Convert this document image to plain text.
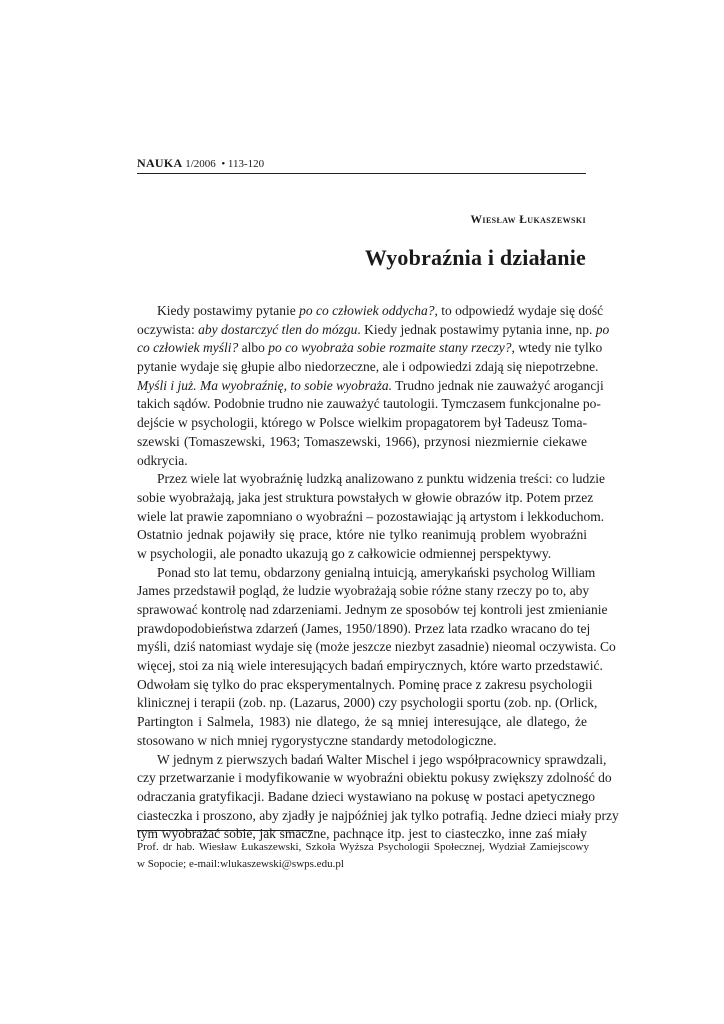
NAUKA 1/2006 • 113-120
Wiesław Łukaszewski
Wyobraźnia i działanie
Kiedy postawimy pytanie po co człowiek oddycha?, to odpowiedź wydaje się dość
oczywista: aby dostarczyć tlen do mózgu. Kiedy jednak postawimy pytania inne, np. po
co człowiek myśli? albo po co wyobraża sobie rozmaite stany rzeczy?, wtedy nie tylko
pytanie wydaje się głupie albo niedorzeczne, ale i odpowiedzi zdają się niepotrzebne.
Myśli i już. Ma wyobraźnię, to sobie wyobraża. Trudno jednak nie zauważyć arogancji
takich sądów. Podobnie trudno nie zauważyć tautologii. Tymczasem funkcjonalne po-
dejście w psychologii, którego w Polsce wielkim propagatorem był Tadeusz Toma-
szewski (Tomaszewski, 1963; Tomaszewski, 1966), przynosi niezmiernie ciekawe
odkrycia.
Przez wiele lat wyobraźnię ludzką analizowano z punktu widzenia treści: co ludzie
sobie wyobrażają, jaka jest struktura powstałych w głowie obrazów itp. Potem przez
wiele lat prawie zapomniano o wyobraźni – pozostawiając ją artystom i lekkoduchom.
Ostatnio jednak pojawiły się prace, które nie tylko reanimują problem wyobraźni
w psychologii, ale ponadto ukazują go z całkowicie odmiennej perspektywy.
Ponad sto lat temu, obdarzony genialną intuicją, amerykański psycholog William
James przedstawił pogląd, że ludzie wyobrażają sobie różne stany rzeczy po to, aby
sprawować kontrolę nad zdarzeniami. Jednym ze sposobów tej kontroli jest zmienianie
prawdopodobieństwa zdarzeń (James, 1950/1890). Przez lata rzadko wracano do tej
myśli, dziś natomiast wydaje się (może jeszcze niezbyt zasadnie) nieomal oczywista. Co
więcej, stoi za nią wiele interesujących badań empirycznych, które warto przedstawić.
Odwołam się tylko do prac eksperymentalnych. Pominę prace z zakresu psychologii
klinicznej i terapii (zob. np. (Lazarus, 2000) czy psychologii sportu (zob. np. (Orlick,
Partington i Salmela, 1983) nie dlatego, że są mniej interesujące, ale dlatego, że
stosowano w nich mniej rygorystyczne standardy metodologiczne.
W jednym z pierwszych badań Walter Mischel i jego współpracownicy sprawdzali,
czy przetwarzanie i modyfikowanie w wyobraźni obiektu pokusy zwiększy zdolność do
odraczania gratyfikacji. Badane dzieci wystawiano na pokusę w postaci apetycznego
ciasteczka i proszono, aby zjadły je najpóźniej jak tylko potrafią. Jedne dzieci miały przy
tym wyobrażać sobie, jak smaczne, pachnące itp. jest to ciasteczko, inne zaś miały
Prof. dr hab. Wiesław Łukaszewski, Szkoła Wyższa Psychologii Społecznej, Wydział Zamiejscowy
w Sopocie; e-mail:wlukaszewski@swps.edu.pl
